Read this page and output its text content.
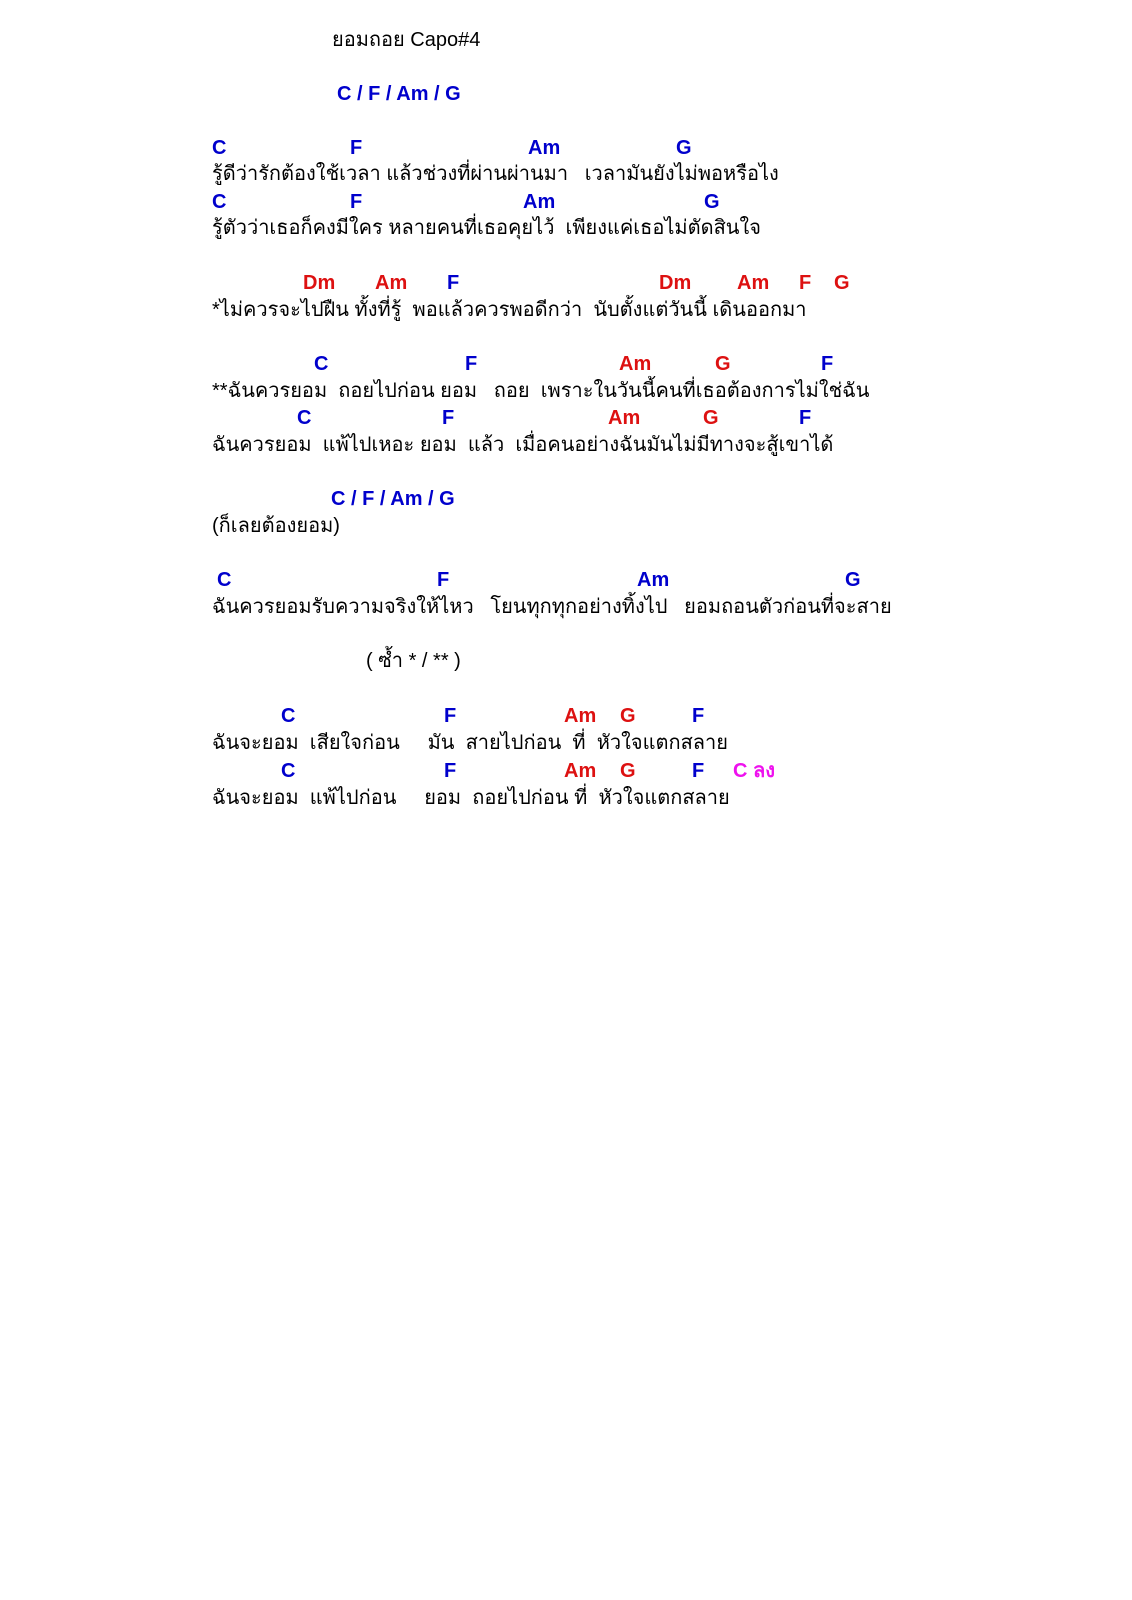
ยอมถอย Capo#4
C / F / Am / G
C	F	Am	G
รู้ดีว่ารักต้องใช้เวลา แล้วช่วงที่ผ่านผ่านมา   เวลามันยังไม่พอหรือไง
C	F	Am	G
รู้ตัวว่าเธอก็คงมีใคร หลายคนที่เธอคุยไว้  เพียงแค่เธอไม่ตัดสินใจ
Dm Am F	Dm Am F G
*ไม่ควรจะไปฝืน ทั้งที่รู้  พอแล้วควรพอดีกว่า  นับตั้งแต่วันนี้ เดินออกมา
C	F	Am	G	F
**ฉันควรยอม  ถอยไปก่อน ยอม   ถอย  เพราะในวันนี้คนที่เธอต้องการไม่ใช่ฉัน
C	F	Am	G	F
ฉันควรยอม  แพ้ไปเหอะ ยอม  แล้ว  เมื่อคนอย่างฉันมันไม่มีทางจะสู้เขาได้
C / F / Am / G
(ก็เลยต้องยอม)
C	F	Am	G
ฉันควรยอมรับความจริงให้ไหว   โยนทุกทุกอย่างทิ้งไป   ยอมถอนตัวก่อนที่จะสาย
( ซ้ำ * / ** )
C	F	Am G	F
ฉันจะยอม  เสียใจก่อน     มัน  สายไปก่อน  ที่  หัวใจแตกสลาย
C	F	Am G	F C ลง
ฉันจะยอม  แพ้ไปก่อน     ยอม  ถอยไปก่อน ที่  หัวใจแตกสลาย
